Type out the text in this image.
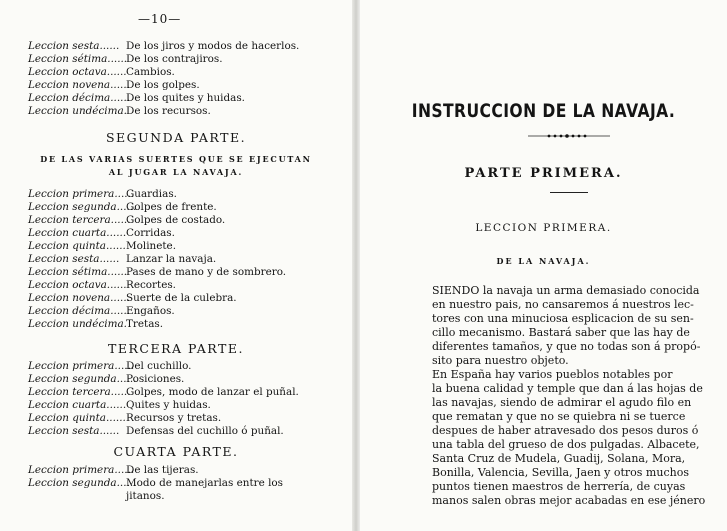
—10—
Leccion sesta...... De los jiros y modos de hacerlos.
Leccion sétima......
De los contrajiros.
Leccion octava...... Cambios.
Leccion novena......
De los golpes.
Leccion décima......
De los quites y huidas.
Leccion undécima. De los recursos.
SEGUNDA PARTE.
DE LAS VARIAS SUERTES QUE SE EJECUTAN
AL JUGAR LA NAVAJA.
Leccion primera......
Guardias.
Leccion segunda......
Golpes de frente.
Leccion tercera......
Golpes de costado.
Leccion cuarta...... Corridas.
Leccion quinta...... Molinete.
Leccion sesta...... Lanzar la navaja.
Leccion sétima......
Pases de mano y de sombrero.
Leccion octava...... Recortes.
Leccion novena......
Suerte de la culebra.
Leccion décima......
Engaños.
Leccion undécima. Tretas.
TERCERA PARTE.
Leccion primera......
Del cuchillo.
Leccion segunda......
Posiciones.
Leccion tercera......
Golpes, modo de lanzar el puñal.
Leccion cuarta...... Quites y huidas.
Leccion quinta...... Recursos y tretas.
Leccion sesta...... Defensas del cuchillo ó puñal.
CUARTA PARTE.
Leccion primera......
De las tijeras.
Leccion segunda......
Modo de manejarlas entre los
jitanos.
INSTRUCCION DE LA NAVAJA.
PARTE PRIMERA.
LECCION PRIMERA.
DE LA NAVAJA.
SIENDO la navaja un arma demasiado conocida
en nuestro pais, no cansaremos á nuestros lec-
tores con una minuciosa esplicacion de su sen-
cillo mecanismo. Bastará saber que las hay de
diferentes tamaños, y que no todas son á propó-
sito para nuestro objeto.
En España hay varios pueblos notables por
la buena calidad y temple que dan á las hojas de
las navajas, siendo de admirar el agudo filo en
que rematan y que no se quiebra ni se tuerce
despues de haber atravesado dos pesos duros ó
una tabla del grueso de dos pulgadas. Albacete,
Santa Cruz de Mudela, Guadij, Solana, Mora,
Bonilla, Valencia, Sevilla, Jaen y otros muchos
puntos tienen maestros de herrería, de cuyas
manos salen obras mejor acabadas en ese jénero
